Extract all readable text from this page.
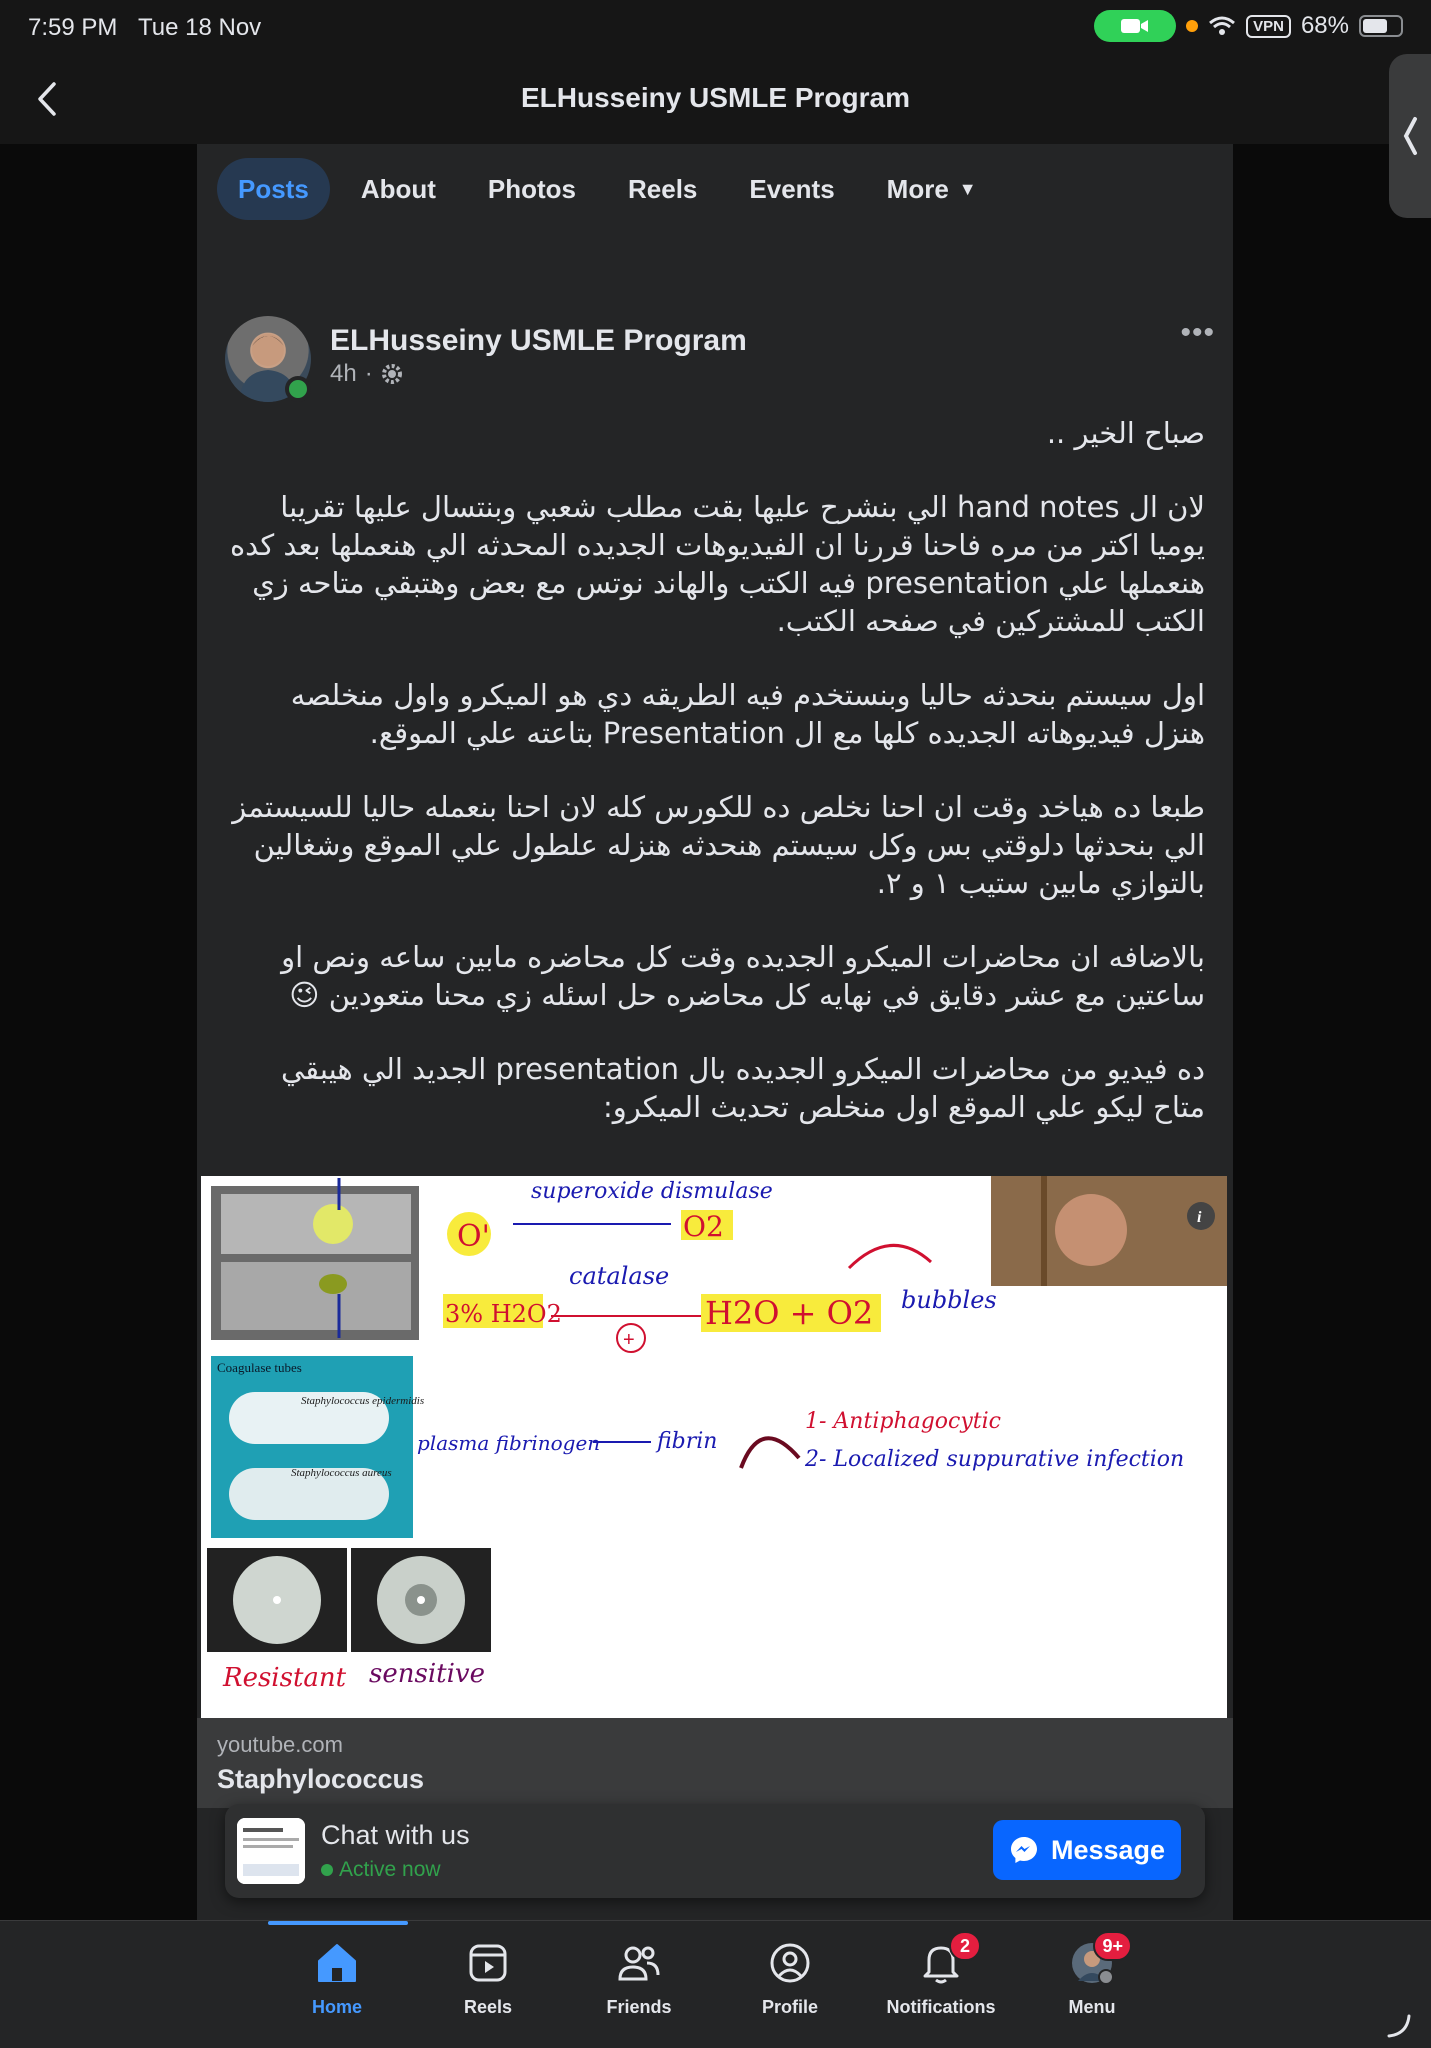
7:59 PM Tue 18 Nov	VPN 68%
ELHusseiny USMLE Program
Posts	About	Photos	Reels	Events	More ▼
ELHusseiny USMLE Program
4h ·
•••

صباح الخير ..

لان ال hand notes الي بنشرح عليها بقت مطلب شعبي وبنتسال عليها تقريبا يوميا اكتر من مره فاحنا قررنا ان الفيديوهات الجديده المحدثه الي هنعملها بعد كده هنعملها علي presentation فيه الكتب والهاند نوتس مع بعض وهتبقي متاحه زي الكتب للمشتركين في صفحه الكتب.

اول سيستم بنحدثه حاليا وبنستخدم فيه الطريقه دي هو الميكرو واول منخلصه هنزل فيديوهاته الجديده كلها مع ال Presentation بتاعته علي الموقع.

طبعا ده هياخد وقت ان احنا نخلص ده للكورس كله لان احنا بنعمله حاليا للسيستمز الي بنحدثها دلوقتي بس وكل سيستم هنحدثه هنزله علطول علي الموقع وشغالين بالتوازي مابين ستيب ١ و ٢.

بالاضافه ان محاضرات الميكرو الجديده وقت كل محاضره مابين ساعه ونص او ساعتين مع عشر دقايق في نهايه كل محاضره حل اسئله زي محنا متعودين 😉

ده فيديو من محاضرات الميكرو الجديده بال presentation الجديد الي هيبقي متاح ليكو علي الموقع اول منخلص تحديث الميكرو:

Coagulase tubes
Staphylococcus epidermidis
Staphylococcus aureus
i
superoxide dismulase
O'	O2
catalase
3% H2O2
+
H2O + O2 bubbles
plasma fibrinogen	fibrin
1- Antiphagocytic
2- Localized suppurative infection
Resistant sensitive
youtube.com
Staphylococcus
Chat with us
Active now
Message
Home	Reels	Friends	Profile
2
Notifications
9+
Menu
